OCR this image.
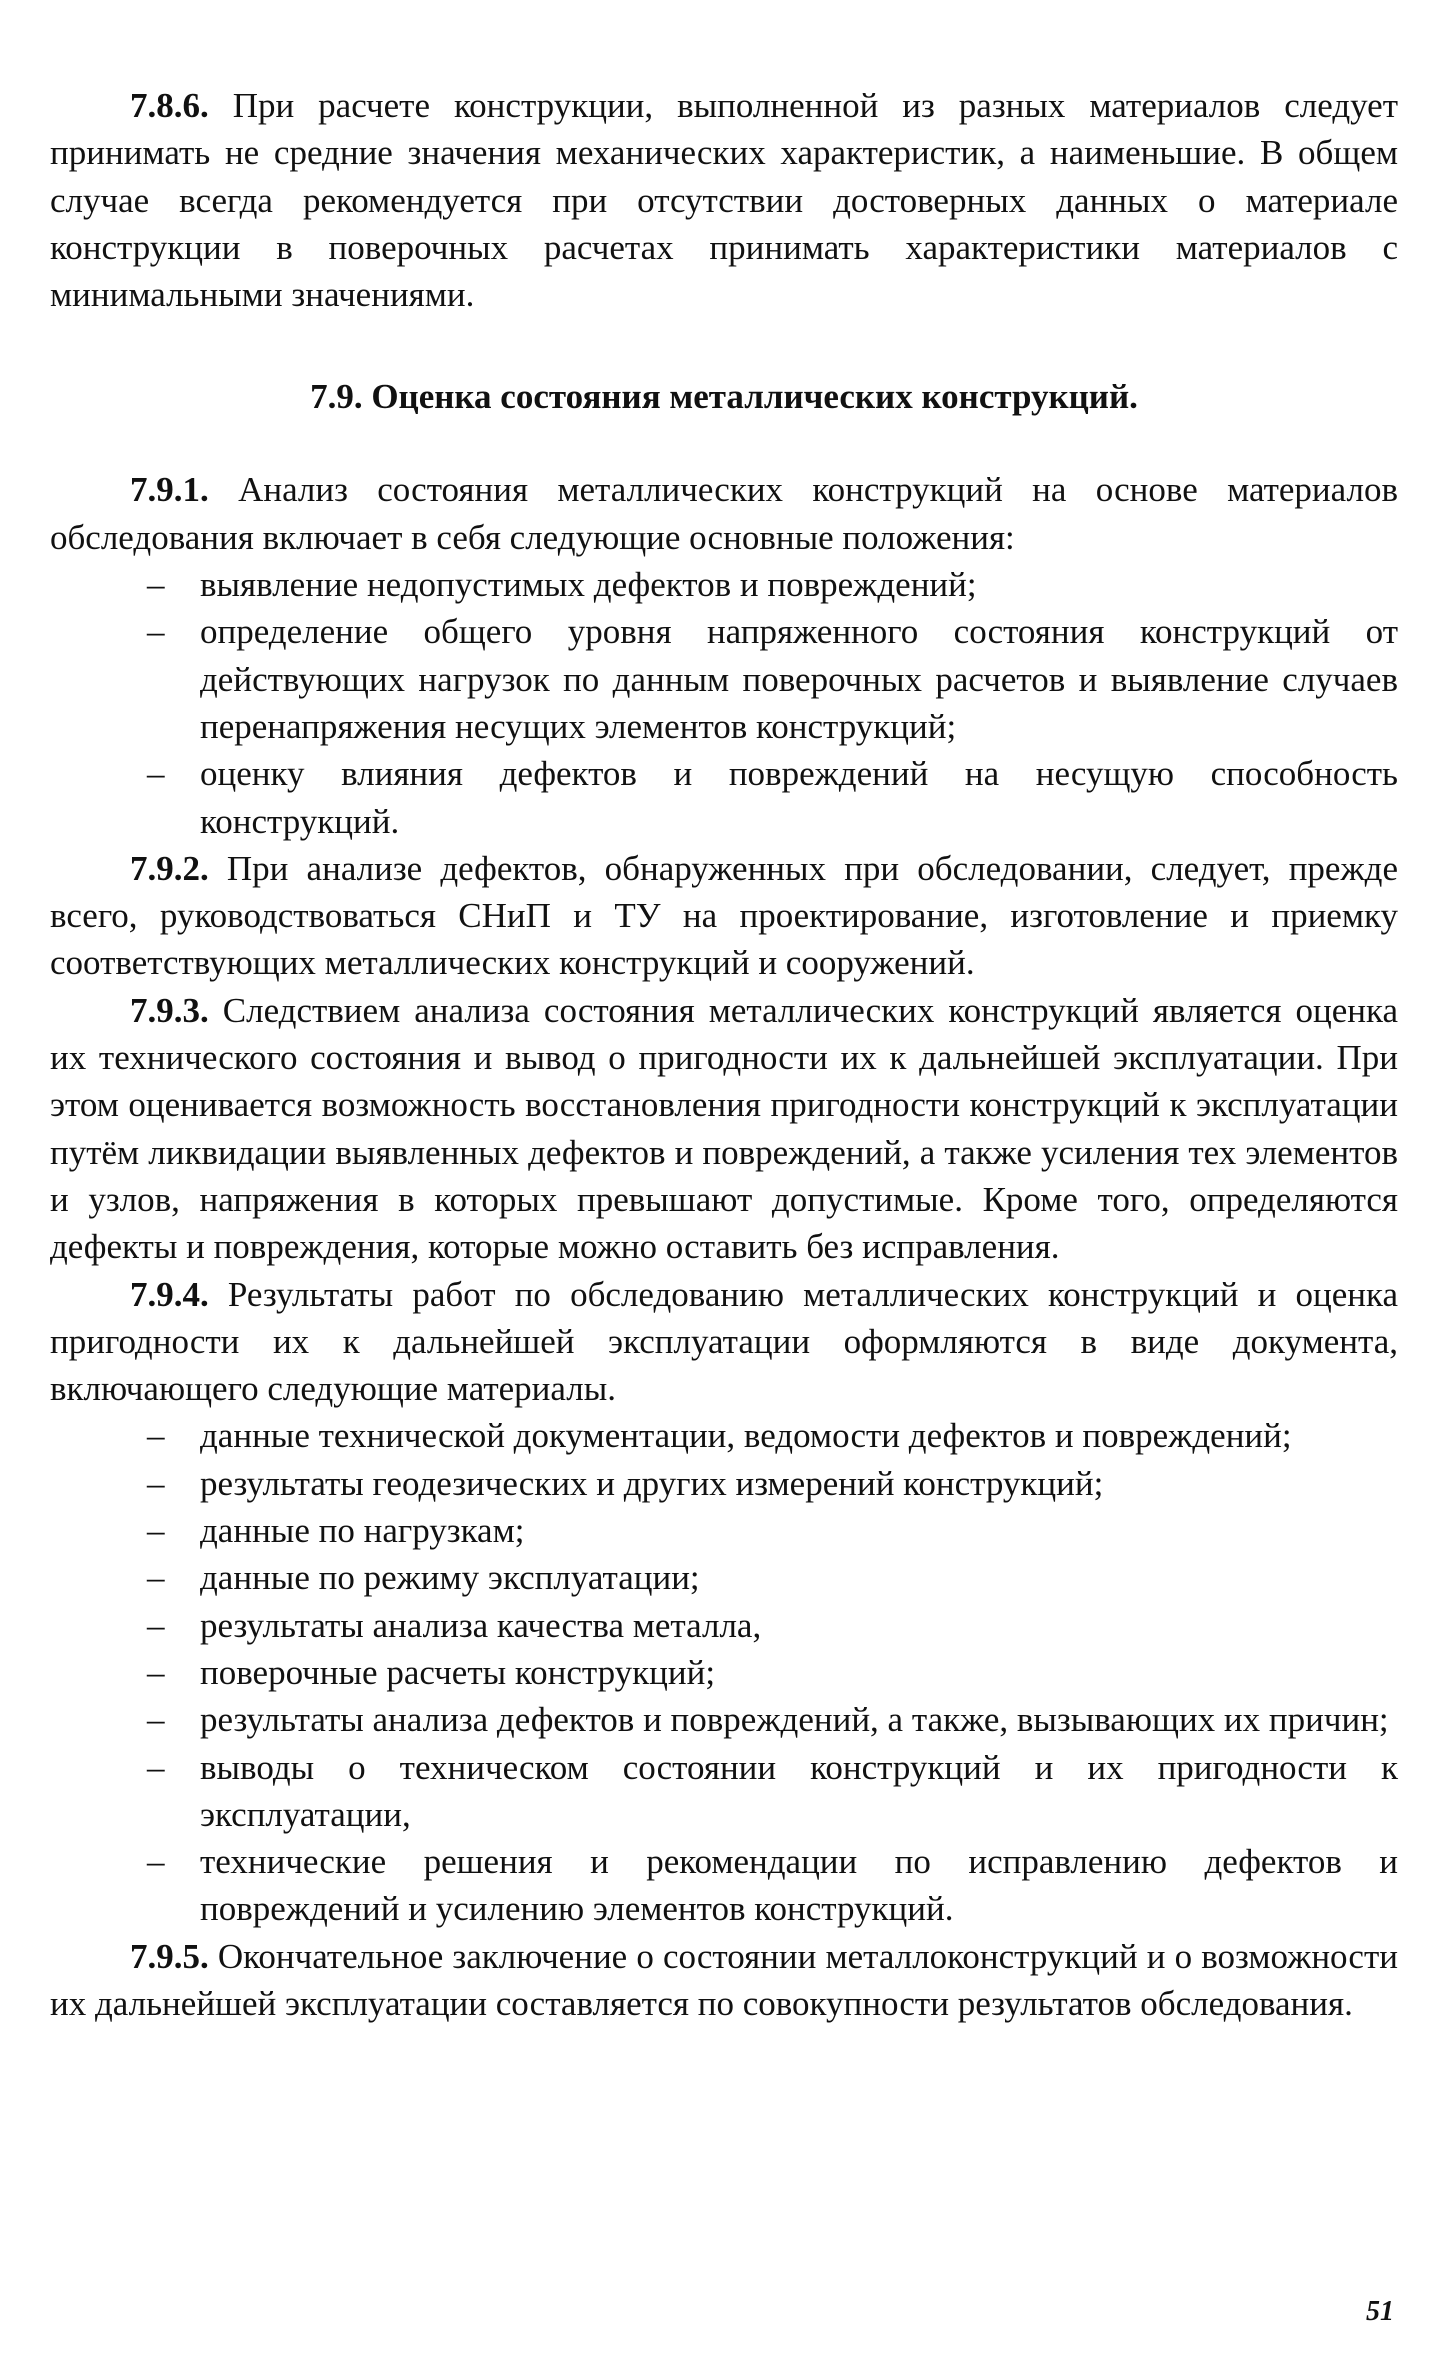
7.8.6. При расчете конструкции, выполненной из разных материалов следует принимать не средние значения механических характеристик, а наименьшие. В общем случае всегда рекомендуется при отсутствии достоверных данных о материале конструкции в поверочных расчетах принимать характеристики материалов с минимальными значениями.

7.9. Оценка состояния металлических конструкций.

7.9.1. Анализ состояния металлических конструкций на основе материалов обследования включает в себя следующие основные положения:

– выявление недопустимых дефектов и повреждений;
– определение общего уровня напряженного состояния конструкций от действующих нагрузок по данным поверочных расчетов и выявление случаев перенапряжения несущих элементов конструкций;
– оценку влияния дефектов и повреждений на несущую способность конструкций.

7.9.2. При анализе дефектов, обнаруженных при обследовании, следует, прежде всего, руководствоваться СНиП и ТУ на проектирование, изготовление и приемку соответствующих металлических конструкций и сооружений.

7.9.3. Следствием анализа состояния металлических конструкций является оценка их технического состояния и вывод о пригодности их к дальнейшей эксплуатации. При этом оценивается возможность восстановления пригодности конструкций к эксплуатации путём ликвидации выявленных дефектов и повреждений, а также усиления тех элементов и узлов, напряжения в которых превышают допустимые. Кроме того, определяются дефекты и повреждения, которые можно оставить без исправления.

7.9.4. Результаты работ по обследованию металлических конструкций и оценка пригодности их к дальнейшей эксплуатации оформляются в виде документа, включающего следующие материалы.

– данные технической документации, ведомости дефектов и повреждений;
– результаты геодезических и других измерений конструкций;
– данные по нагрузкам;
– данные по режиму эксплуатации;
– результаты анализа качества металла,
– поверочные расчеты конструкций;
– результаты анализа дефектов и повреждений, а также, вызывающих их причин;
– выводы о техническом состоянии конструкций и их пригодности к эксплуатации,
– технические решения и рекомендации по исправлению дефектов и повреждений и усилению элементов конструкций.

7.9.5. Окончательное заключение о состоянии металлоконструкций и о возможности их дальнейшей эксплуатации составляется по совокупности результатов обследования.

51
